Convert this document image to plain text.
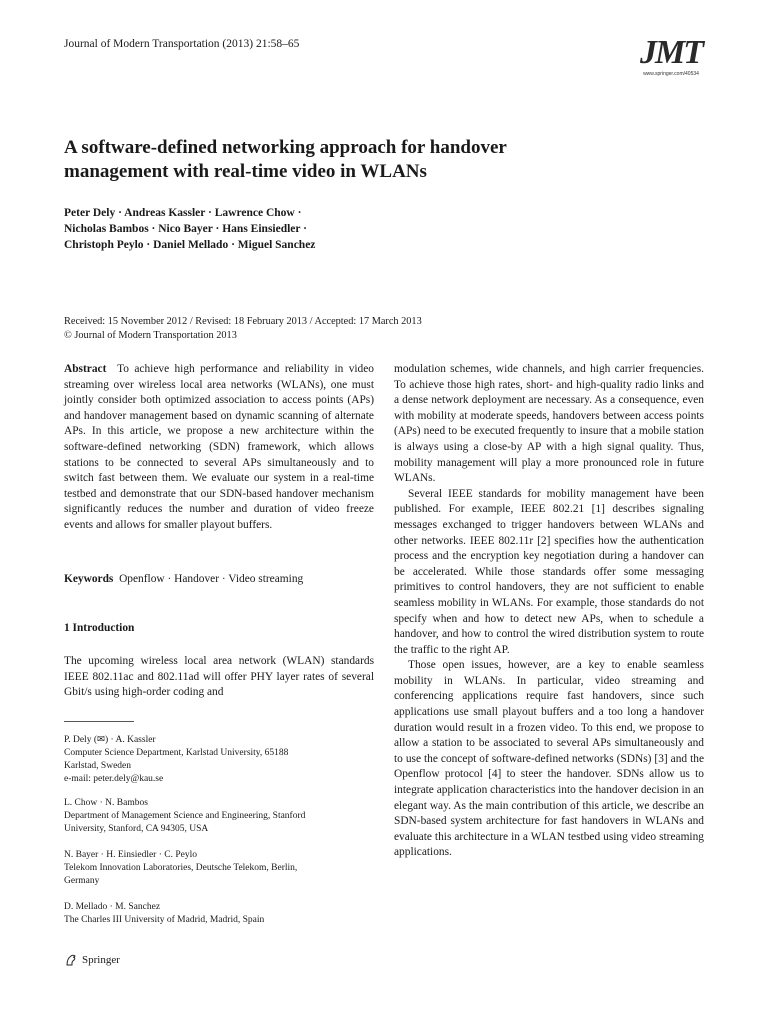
Journal of Modern Transportation (2013) 21:58–65	JMT
www.springer.com/40534
A software-defined networking approach for handover
management with real-time video in WLANs
Peter Dely · Andreas Kassler · Lawrence Chow ·
Nicholas Bambos · Nico Bayer · Hans Einsiedler ·
Christoph Peylo · Daniel Mellado · Miguel Sanchez
Received: 15 November 2012 / Revised: 18 February 2013 / Accepted: 17 March 2013
© Journal of Modern Transportation 2013

Abstract To achieve high performance and reliability in video streaming over wireless local area networks (WLANs), one must jointly consider both optimized association to access points (APs) and handover management based on dynamic scanning of alternate APs. In this article, we propose a new architecture within the software-defined networking (SDN) framework, which allows stations to be connected to several APs simultaneously and to switch fast between them. We evaluate our system in a real-time testbed and demonstrate that our SDN-based handover mechanism significantly reduces the number and duration of video freeze events and allows for smaller playout buffers.

Keywords Openflow · Handover · Video streaming
1 Introduction

The upcoming wireless local area network (WLAN) standards IEEE 802.11ac and 802.11ad will offer PHY layer rates of several Gbit/s using high-order coding and

P. Dely (✉) · A. Kassler
Computer Science Department, Karlstad University, 65188
Karlstad, Sweden
e-mail: peter.dely@kau.se
L. Chow · N. Bambos
Department of Management Science and Engineering, Stanford
University, Stanford, CA 94305, USA
N. Bayer · H. Einsiedler · C. Peylo
Telekom Innovation Laboratories, Deutsche Telekom, Berlin,
Germany
D. Mellado · M. Sanchez
The Charles III University of Madrid, Madrid, Spain

modulation schemes, wide channels, and high carrier frequencies. To achieve those high rates, short- and high-quality radio links and a dense network deployment are necessary. As a consequence, even with mobility at moderate speeds, handovers between access points (APs) need to be executed frequently to insure that a mobile station is always using a close-by AP with a high signal quality. Thus, mobility management will play a more pronounced role in future WLANs.

Several IEEE standards for mobility management have been published. For example, IEEE 802.21 [1] describes signaling messages exchanged to trigger handovers between WLANs and other networks. IEEE 802.11r [2] specifies how the authentication process and the encryption key negotiation during a handover can be accelerated. While those standards offer some messaging primitives to control handovers, they are not sufficient to enable seamless mobility in WLANs. For example, those standards do not specify when and how to detect new APs, when to schedule a handover, and how to control the wired distribution system to route the traffic to the right AP.

Those open issues, however, are a key to enable seamless mobility in WLANs. In particular, video streaming and conferencing applications require fast handovers, since such applications use small playout buffers and a too long a handover duration would result in a frozen video. To this end, we propose to allow a station to be associated to several APs simultaneously and to use the concept of software-defined networks (SDNs) [3] and the Openflow protocol [4] to steer the handover. SDNs allow us to integrate application characteristics into the handover decision in an elegant way. As the main contribution of this article, we describe an SDN-based system architecture for fast handovers in WLANs and evaluate this architecture in a WLAN testbed using video streaming applications.

Springer
